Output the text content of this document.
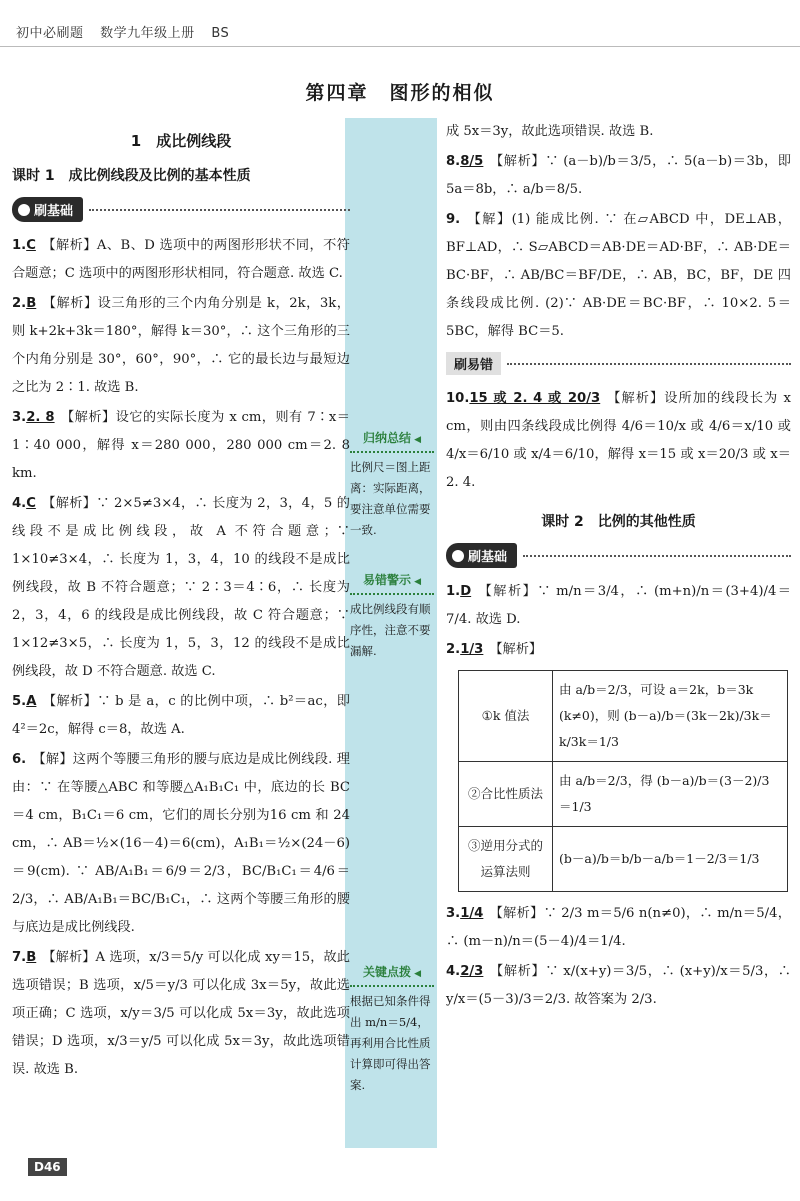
初中必刷题 数学九年级上册 BS
第四章　图形的相似
1　成比例线段
课时 1　成比例线段及比例的基本性质
刷基础
1.C 【解析】A、B、D 选项中的两图形形状不同，不符合题意；C 选项中的两图形形状相同，符合题意. 故选 C.
2.B 【解析】设三角形的三个内角分别是 k，2k，3k，则 k+2k+3k＝180°，解得 k＝30°，∴ 这个三角形的三个内角分别是 30°，60°，90°，∴ 它的最长边与最短边之比为 2∶1. 故选 B.
3.2. 8 【解析】设它的实际长度为 x cm，则有 7∶x＝1∶40 000，解得 x＝280 000，280 000 cm＝2. 8 km.
4.C 【解析】∵ 2×5≠3×4，∴ 长度为 2，3，4，5 的线段不是成比例线段，故 A 不符合题意；∵ 1×10≠3×4，∴ 长度为 1，3，4，10 的线段不是成比例线段，故 B 不符合题意；∵ 2∶3＝4∶6，∴ 长度为 2，3，4，6 的线段是成比例线段，故 C 符合题意；∵ 1×12≠3×5，∴ 长度为 1，5，3，12 的线段不是成比例线段，故 D 不符合题意. 故选 C.
5.A 【解析】∵ b 是 a，c 的比例中项，∴ b²＝ac，即 4²＝2c，解得 c＝8，故选 A.
6. 【解】这两个等腰三角形的腰与底边是成比例线段. 理由：∵ 在等腰△ABC 和等腰△A₁B₁C₁ 中，底边的长 BC＝4 cm，B₁C₁＝6 cm，它们的周长分别为16 cm 和 24 cm，∴ AB＝½×(16－4)＝6(cm)，A₁B₁＝½×(24－6)＝9(cm). ∵ AB/A₁B₁＝6/9＝2/3，BC/B₁C₁＝4/6＝2/3，∴ AB/A₁B₁＝BC/B₁C₁，∴ 这两个等腰三角形的腰与底边是成比例线段.
7.B 【解析】A 选项，x/3＝5/y 可以化成 xy＝15，故此选项错误；B 选项，x/5＝y/3 可以化成 3x＝5y，故此选项正确；C 选项，x/y＝3/5 可以化成 5x＝3y，故此选项错误；D 选项，x/3＝y/5 可以化成 5x＝3y，故此选项错误. 故选 B.
归纳总结 ◀
比例尺＝图上距离：实际距离，要注意单位需要一致.
易错警示 ◀
成比例线段有顺序性，注意不要漏解.
关键点拨 ◀
根据已知条件得出 m/n＝5/4，再利用合比性质计算即可得出答案.
成 5x＝3y，故此选项错误. 故选 B.
8.8/5 【解析】∵ (a－b)/b＝3/5，∴ 5(a－b)＝3b，即 5a＝8b，∴ a/b＝8/5.
9. 【解】(1) 能成比例. ∵ 在▱ABCD 中，DE⊥AB，BF⊥AD，∴ S▱ABCD＝AB·DE＝AD·BF，∴ AB·DE＝BC·BF，∴ AB/BC＝BF/DE，∴ AB，BC，BF，DE 四条线段成比例. (2)∵ AB·DE＝BC·BF，∴ 10×2. 5＝5BC，解得 BC＝5.
刷易错
10.15 或 2. 4 或 20/3 【解析】设所加的线段长为 x cm，则由四条线段成比例得 4/6＝10/x 或 4/6＝x/10 或 4/x＝6/10 或 x/4＝6/10，解得 x＝15 或 x＝20/3 或 x＝2. 4.
课时 2　比例的其他性质
刷基础
1.D 【解析】∵ m/n＝3/4，∴ (m+n)/n＝(3+4)/4＝7/4. 故选 D.
2.1/3 【解析】
①k 值法	由 a/b＝2/3，可设 a＝2k，b＝3k (k≠0)，则 (b－a)/b＝(3k－2k)/3k＝k/3k＝1/3
②合比性质法	由 a/b＝2/3，得 (b－a)/b＝(3－2)/3＝1/3
③逆用分式的运算法则	(b－a)/b＝b/b－a/b＝1－2/3＝1/3
3.1/4 【解析】∵ 2/3 m＝5/6 n(n≠0)，∴ m/n＝5/4，∴ (m－n)/n＝(5－4)/4＝1/4.
4.2/3 【解析】∵ x/(x+y)＝3/5，∴ (x+y)/x＝5/3，∴ y/x＝(5－3)/3＝2/3. 故答案为 2/3.
D46
